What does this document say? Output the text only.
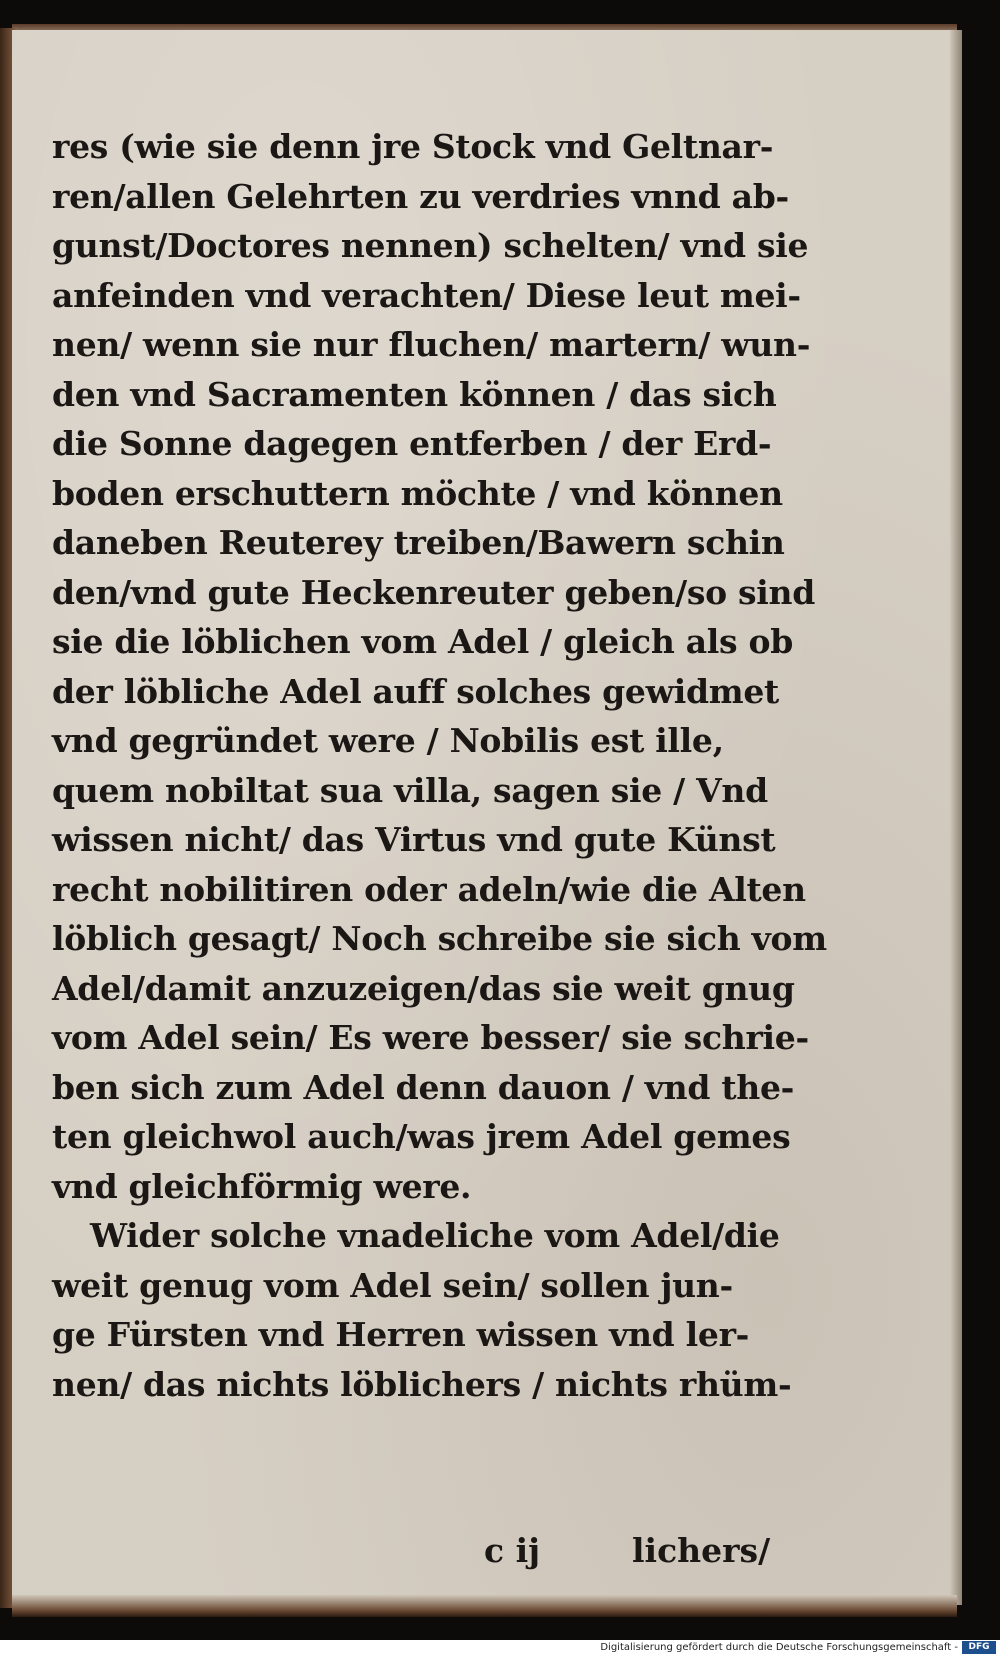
res (wie sie denn jre Stock vnd Geltnar-
ren/allen Gelehrten zu verdries vnnd ab-
gunst/Doctores nennen) schelten/ vnd sie
anfeinden vnd verachten/ Diese leut mei-
nen/ wenn sie nur fluchen/ martern/ wun-
den vnd Sacramenten können / das sich
die Sonne dagegen entferben / der Erd-
boden erschuttern möchte / vnd können
daneben Reuterey treiben/Bawern schin
den/vnd gute Heckenreuter geben/so sind
sie die löblichen vom Adel / gleich als ob
der löbliche Adel auff solches gewidmet
vnd gegründet were / Nobilis est ille,
quem nobiltat sua villa, sagen sie / Vnd
wissen nicht/ das Virtus vnd gute Künst
recht nobilitiren oder adeln/wie die Alten
löblich gesagt/ Noch schreibe sie sich vom
Adel/damit anzuzeigen/das sie weit gnug
vom Adel sein/ Es were besser/ sie schrie-
ben sich zum Adel denn dauon / vnd the-
ten gleichwol auch/was jrem Adel gemes
vnd gleichförmig were.
Wider solche vnadeliche vom Adel/die
weit genug vom Adel sein/ sollen jun-
ge Fürsten vnd Herren wissen vnd ler-
nen/ das nichts löblichers / nichts rhüm-
c ij	lichers/
Digitalisierung gefördert durch die Deutsche Forschungsgemeinschaft -	DFG
